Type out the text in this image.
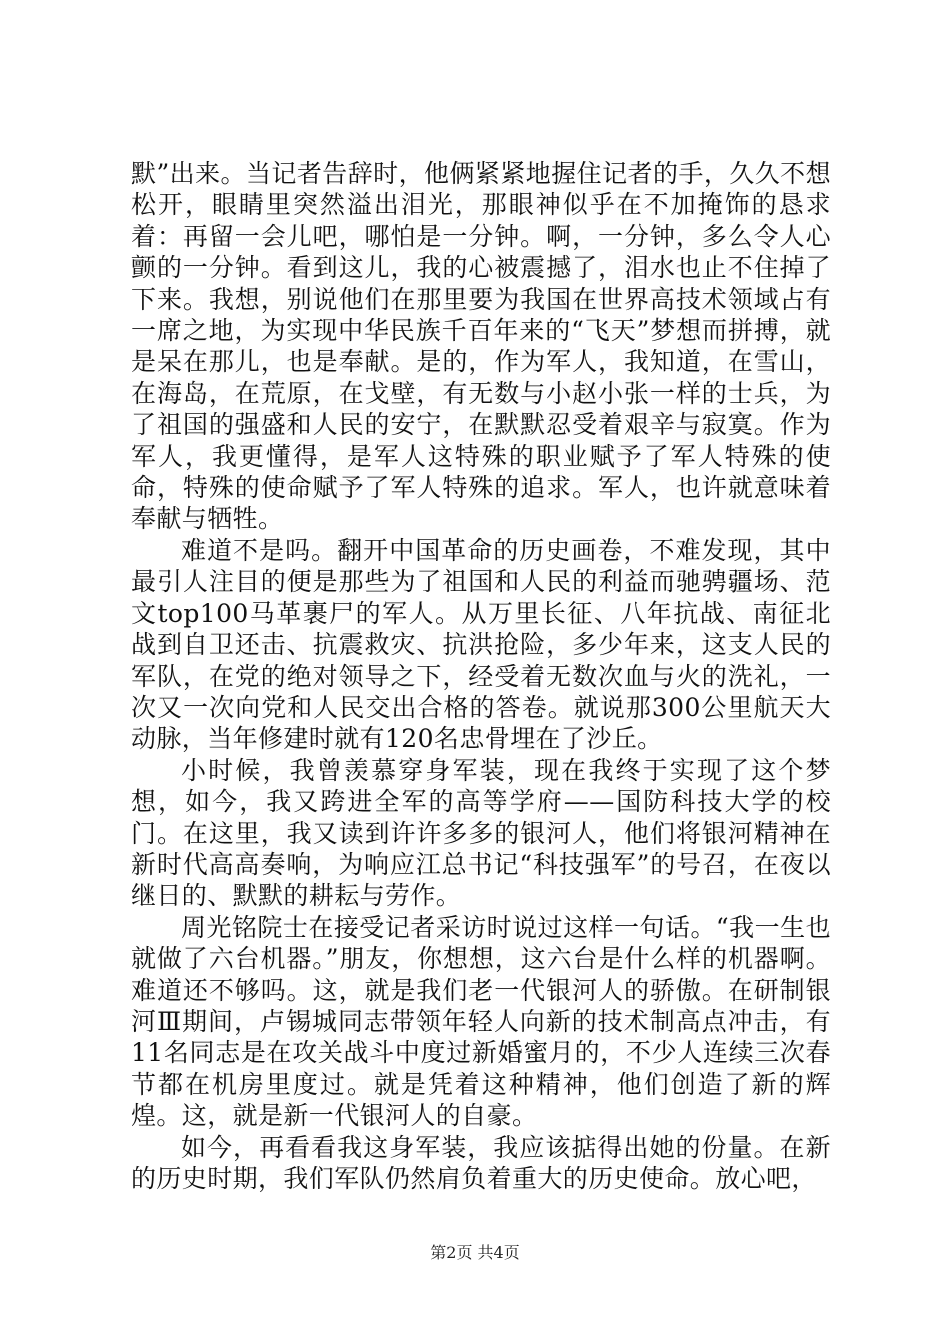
默”出来。当记者告辞时，他俩紧紧地握住记者的手，久久不想松开，眼睛里突然溢出泪光，那眼神似乎在不加掩饰的恳求着：再留一会儿吧，哪怕是一分钟。啊，一分钟，多么令人心颤的一分钟。看到这儿，我的心被震撼了，泪水也止不住掉了下来。我想，别说他们在那里要为我国在世界高技术领域占有一席之地，为实现中华民族千百年来的“飞天”梦想而拼搏，就是呆在那儿，也是奉献。是的，作为军人，我知道，在雪山，在海岛，在荒原，在戈壁，有无数与小赵小张一样的士兵，为了祖国的强盛和人民的安宁，在默默忍受着艰辛与寂寞。作为军人，我更懂得，是军人这特殊的职业赋予了军人特殊的使命，特殊的使命赋予了军人特殊的追求。军人，也许就意味着奉献与牺牲。

难道不是吗。翻开中国革命的历史画卷，不难发现，其中最引人注目的便是那些为了祖国和人民的利益而驰骋疆场、范文top100马革裹尸的军人。从万里长征、八年抗战、南征北战到自卫还击、抗震救灾、抗洪抢险，多少年来，这支人民的军队，在党的绝对领导之下，经受着无数次血与火的洗礼，一次又一次向党和人民交出合格的答卷。就说那300公里航天大动脉，当年修建时就有120名忠骨埋在了沙丘。

小时候，我曾羡慕穿身军装，现在我终于实现了这个梦想，如今，我又跨进全军的高等学府——国防科技大学的校门。在这里，我又读到许许多多的银河人，他们将银河精神在新时代高高奏响，为响应江总书记“科技强军”的号召，在夜以继日的、默默的耕耘与劳作。

周光铭院士在接受记者采访时说过这样一句话。“我一生也就做了六台机器。”朋友，你想想，这六台是什么样的机器啊。难道还不够吗。这，就是我们老一代银河人的骄傲。在研制银河Ⅲ期间，卢锡城同志带领年轻人向新的技术制高点冲击，有11名同志是在攻关战斗中度过新婚蜜月的，不少人连续三次春节都在机房里度过。就是凭着这种精神，他们创造了新的辉煌。这，就是新一代银河人的自豪。

如今，再看看我这身军装，我应该掂得出她的份量。在新的历史时期，我们军队仍然肩负着重大的历史使命。放心吧，

第2页 共4页
